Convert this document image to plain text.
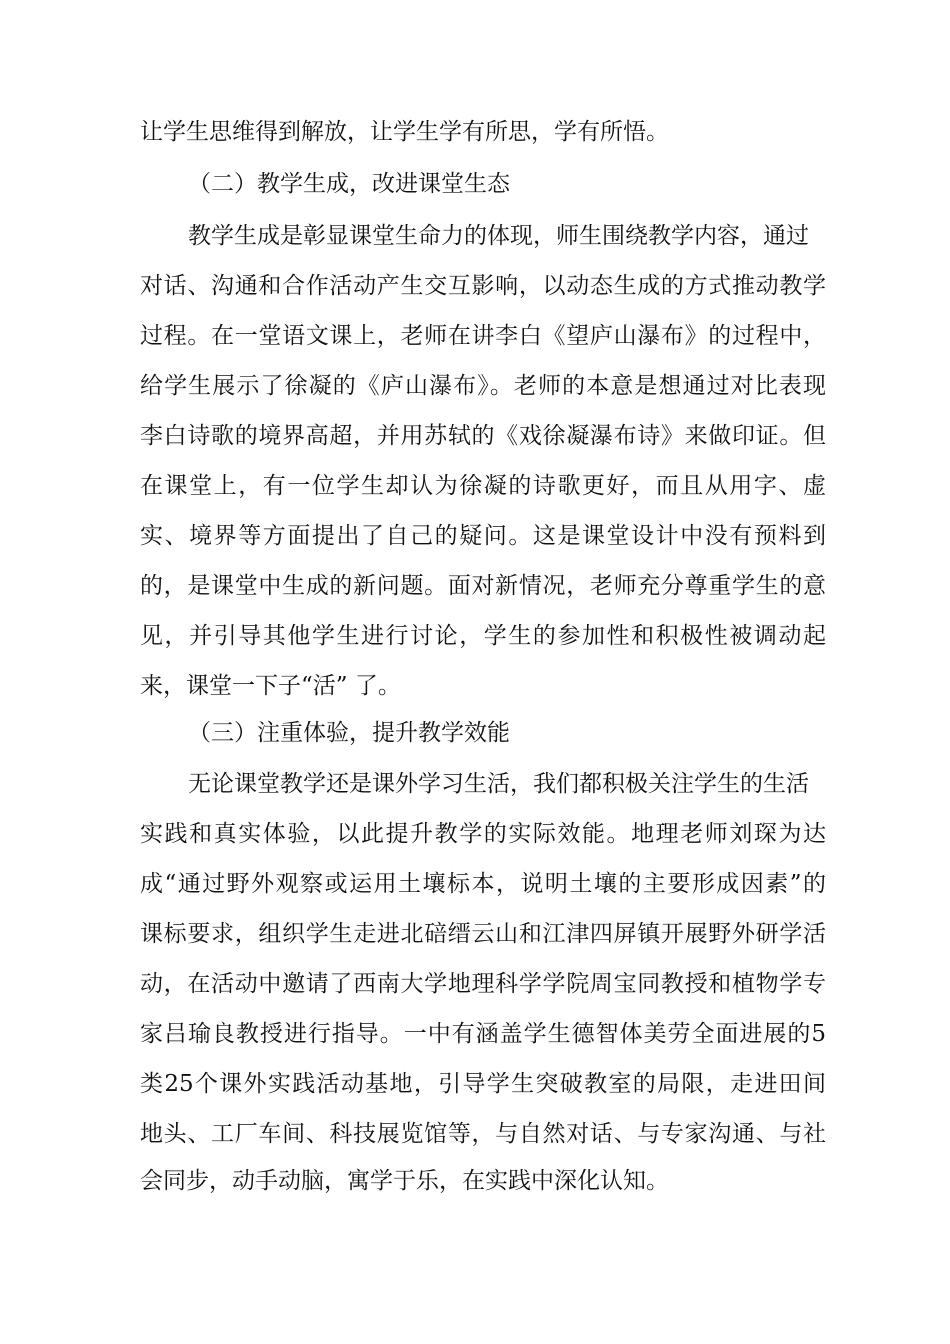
让学生思维得到解放，让学生学有所思，学有所悟。

（二）教学生成，改进课堂生态

教学生成是彰显课堂生命力的体现，师生围绕教学内容，通过

对话、沟通和合作活动产生交互影响，以动态生成的方式推动教学

过程。在一堂语文课上，老师在讲李白《望庐山瀑布》的过程中，

给学生展示了徐凝的《庐山瀑布》。老师的本意是想通过对比表现

李白诗歌的境界高超，并用苏轼的《戏徐凝瀑布诗》来做印证。但

在课堂上，有一位学生却认为徐凝的诗歌更好，而且从用字、虚

实、境界等方面提出了自己的疑问。这是课堂设计中没有预料到

的，是课堂中生成的新问题。面对新情况，老师充分尊重学生的意

见，并引导其他学生进行讨论，学生的参加性和积极性被调动起

来，课堂一下子“活” 了。

（三）注重体验，提升教学效能

无论课堂教学还是课外学习生活，我们都积极关注学生的生活

实践和真实体验，以此提升教学的实际效能。地理老师刘琛为达

成“通过野外观察或运用土壤标本，说明土壤的主要形成因素”的

课标要求，组织学生走进北碚缙云山和江津四屏镇开展野外研学活

动，在活动中邀请了西南大学地理科学学院周宝同教授和植物学专

家吕瑜良教授进行指导。一中有涵盖学生德智体美劳全面进展的5

类25个课外实践活动基地，引导学生突破教室的局限，走进田间

地头、工厂车间、科技展览馆等，与自然对话、与专家沟通、与社

会同步，动手动脑，寓学于乐，在实践中深化认知。
